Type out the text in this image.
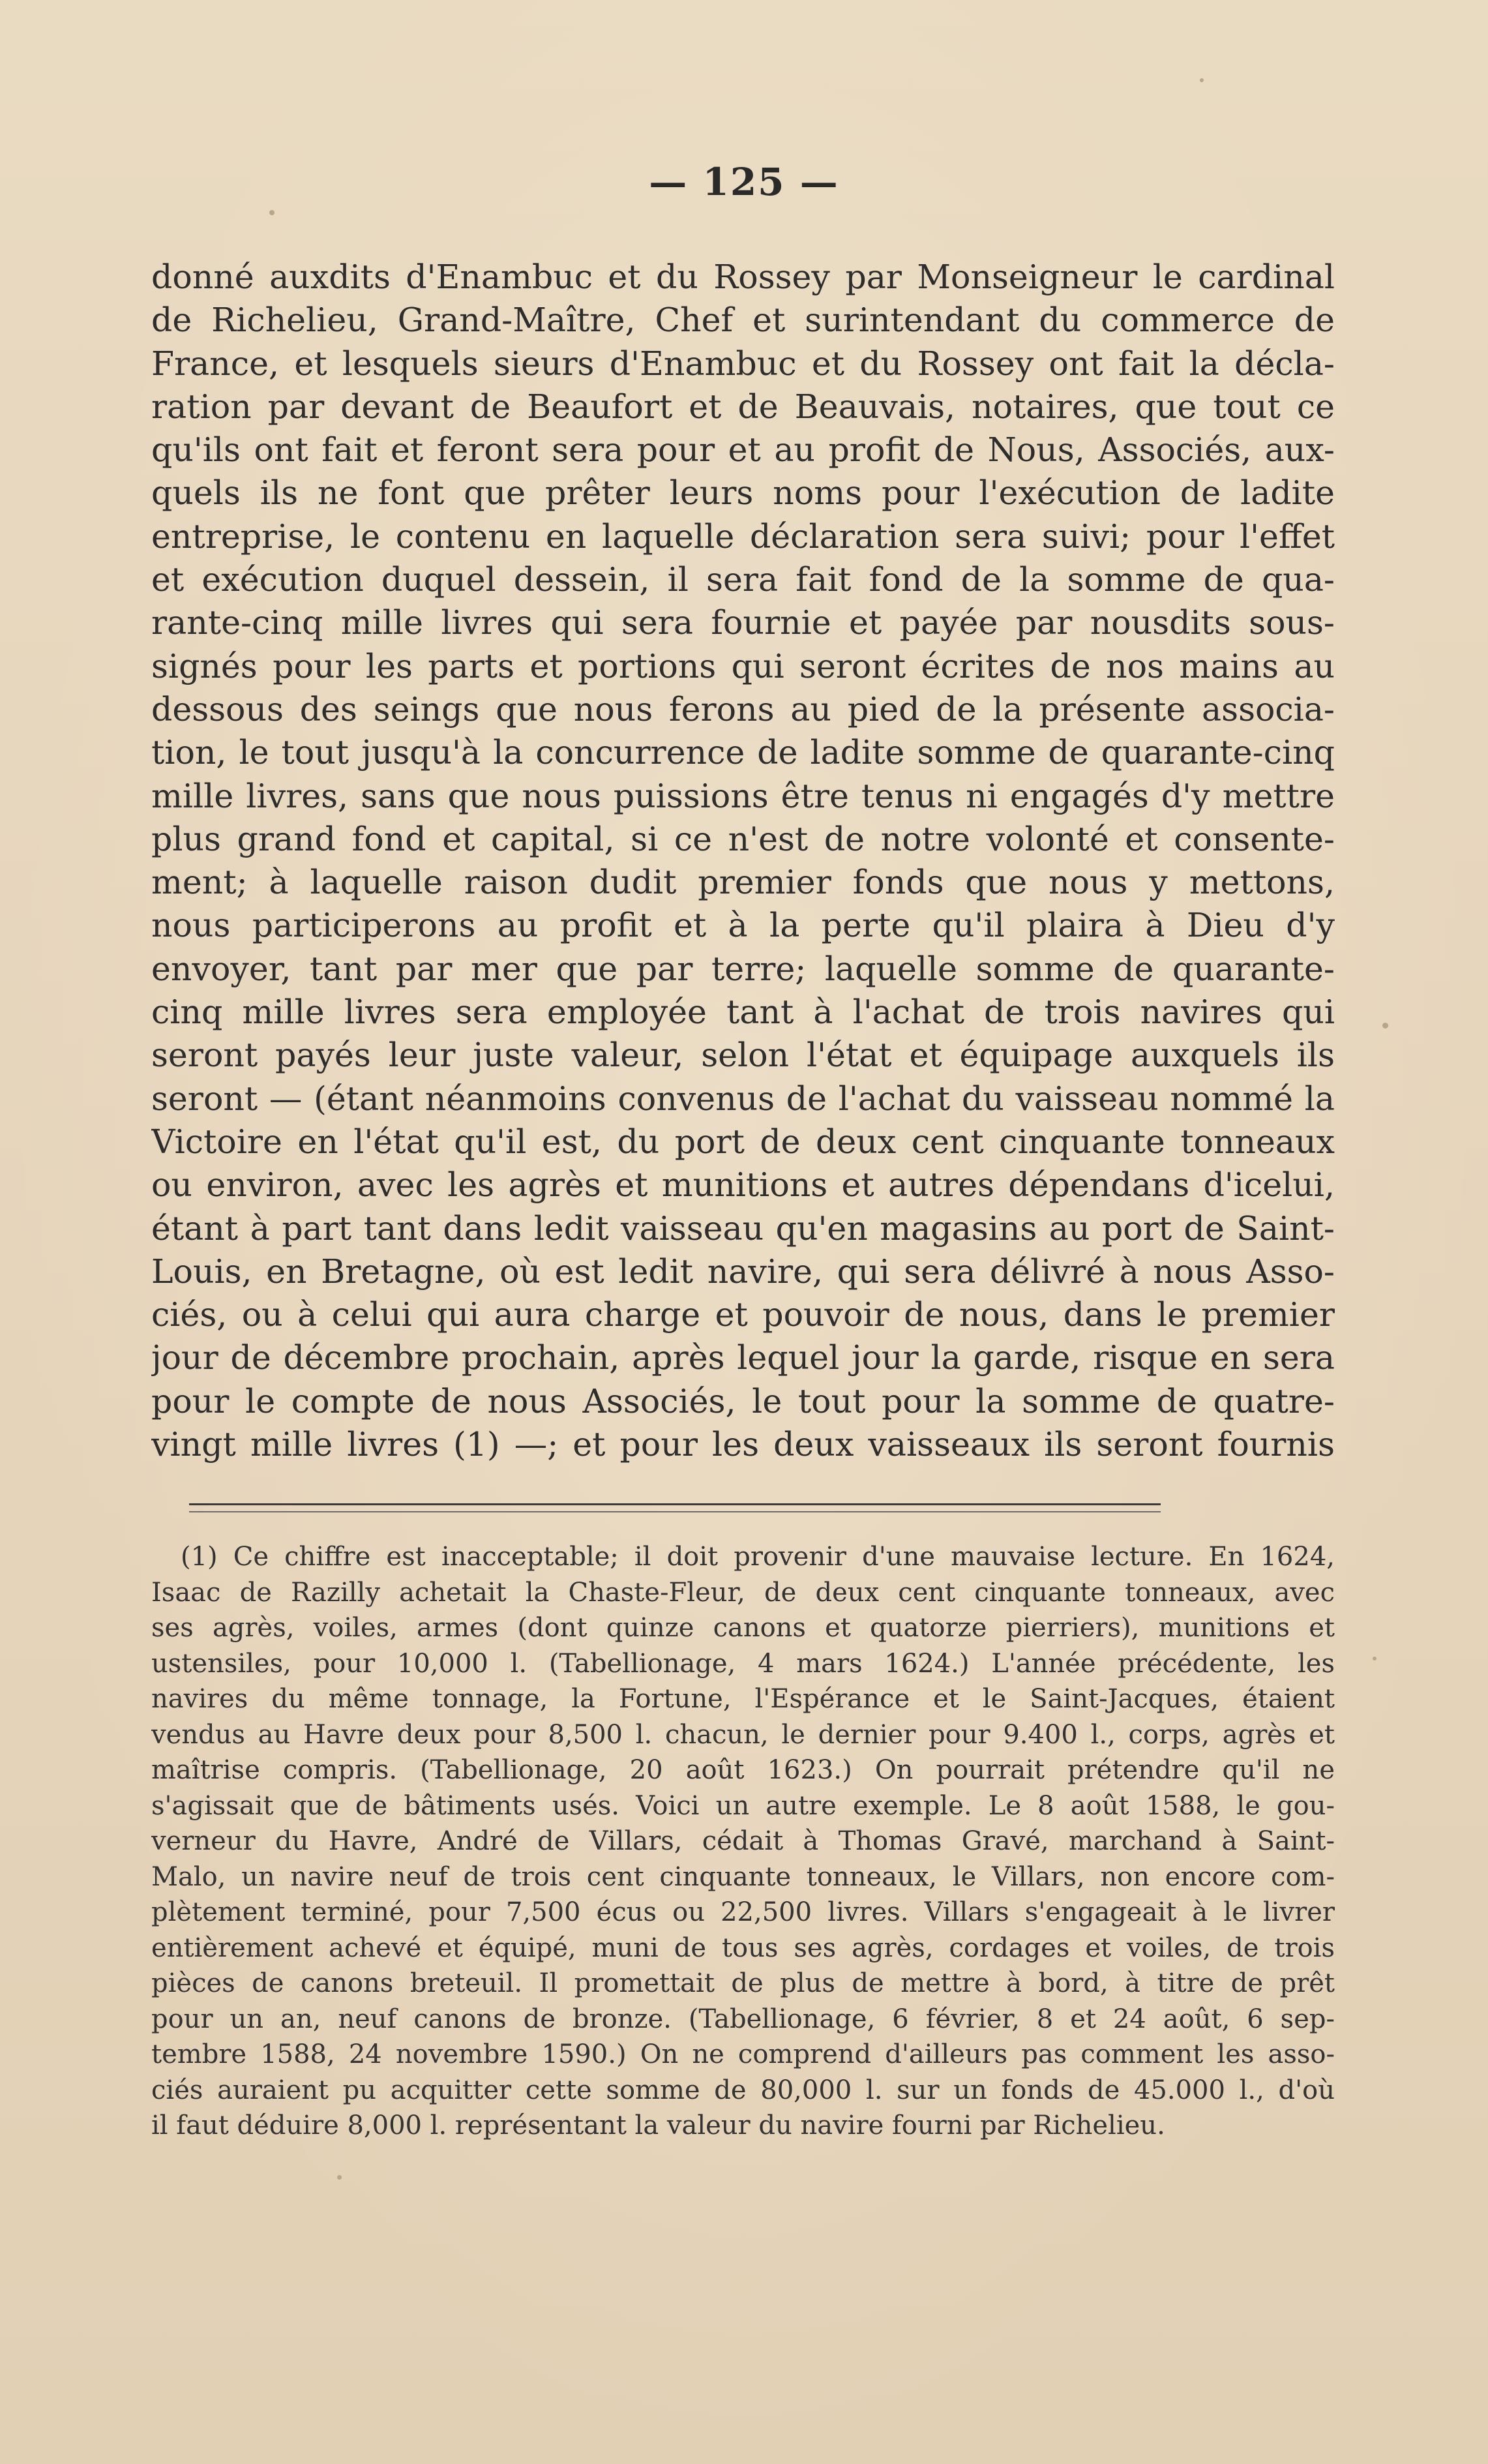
— 125 —
donné auxdits d'Enambuc et du Rossey par Monseigneur le cardinal
de Richelieu, Grand-Maître, Chef et surintendant du commerce de
France, et lesquels sieurs d'Enambuc et du Rossey ont fait la décla-
ration par devant de Beaufort et de Beauvais, notaires, que tout ce
qu'ils ont fait et feront sera pour et au profit de Nous, Associés, aux-
quels ils ne font que prêter leurs noms pour l'exécution de ladite
entreprise, le contenu en laquelle déclaration sera suivi; pour l'effet
et exécution duquel dessein, il sera fait fond de la somme de qua-
rante-cinq mille livres qui sera fournie et payée par nousdits sous-
signés pour les parts et portions qui seront écrites de nos mains au
dessous des seings que nous ferons au pied de la présente associa-
tion, le tout jusqu'à la concurrence de ladite somme de quarante-cinq
mille livres, sans que nous puissions être tenus ni engagés d'y mettre
plus grand fond et capital, si ce n'est de notre volonté et consente-
ment; à laquelle raison dudit premier fonds que nous y mettons,
nous participerons au profit et à la perte qu'il plaira à Dieu d'y
envoyer, tant par mer que par terre; laquelle somme de quarante-
cinq mille livres sera employée tant à l'achat de trois navires qui
seront payés leur juste valeur, selon l'état et équipage auxquels ils
seront — (étant néanmoins convenus de l'achat du vaisseau nommé la
Victoire en l'état qu'il est, du port de deux cent cinquante tonneaux
ou environ, avec les agrès et munitions et autres dépendans d'icelui,
étant à part tant dans ledit vaisseau qu'en magasins au port de Saint-
Louis, en Bretagne, où est ledit navire, qui sera délivré à nous Asso-
ciés, ou à celui qui aura charge et pouvoir de nous, dans le premier
jour de décembre prochain, après lequel jour la garde, risque en sera
pour le compte de nous Associés, le tout pour la somme de quatre-
vingt mille livres (1) —; et pour les deux vaisseaux ils seront fournis
(1) Ce chiffre est inacceptable; il doit provenir d'une mauvaise lecture. En 1624,
Isaac de Razilly achetait la Chaste-Fleur, de deux cent cinquante tonneaux, avec
ses agrès, voiles, armes (dont quinze canons et quatorze pierriers), munitions et
ustensiles, pour 10,000 l. (Tabellionage, 4 mars 1624.) L'année précédente, les
navires du même tonnage, la Fortune, l'Espérance et le Saint-Jacques, étaient
vendus au Havre deux pour 8,500 l. chacun, le dernier pour 9.400 l., corps, agrès et
maîtrise compris. (Tabellionage, 20 août 1623.) On pourrait prétendre qu'il ne
s'agissait que de bâtiments usés. Voici un autre exemple. Le 8 août 1588, le gou-
verneur du Havre, André de Villars, cédait à Thomas Gravé, marchand à Saint-
Malo, un navire neuf de trois cent cinquante tonneaux, le Villars, non encore com-
plètement terminé, pour 7,500 écus ou 22,500 livres. Villars s'engageait à le livrer
entièrement achevé et équipé, muni de tous ses agrès, cordages et voiles, de trois
pièces de canons breteuil. Il promettait de plus de mettre à bord, à titre de prêt
pour un an, neuf canons de bronze. (Tabellionage, 6 février, 8 et 24 août, 6 sep-
tembre 1588, 24 novembre 1590.) On ne comprend d'ailleurs pas comment les asso-
ciés auraient pu acquitter cette somme de 80,000 l. sur un fonds de 45.000 l., d'où
il faut déduire 8,000 l. représentant la valeur du navire fourni par Richelieu.
